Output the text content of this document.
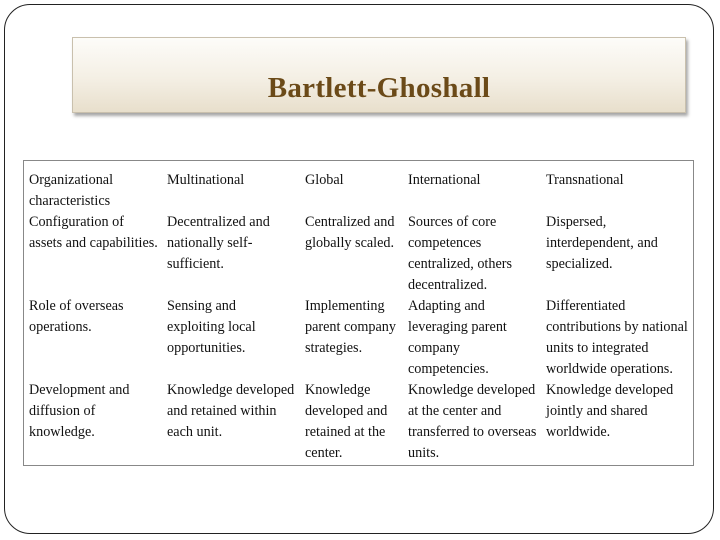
Bartlett-Ghoshall
Organizational characteristics	Multinational	Global	International	Transnational
Configuration of assets and capabilities.	Decentralized and nationally self-sufficient.	Centralized and globally scaled.	Sources of core competences centralized, others decentralized.	Dispersed, interdependent, and specialized.
Role of overseas operations.	Sensing and exploiting local opportunities.	Implementing parent company strategies.	Adapting and leveraging parent company competencies.	Differentiated contributions by national units to integrated worldwide operations.
Development and diffusion of knowledge.	Knowledge developed and retained within each unit.	Knowledge developed and retained at the center.	Knowledge developed at the center and transferred to overseas units.	Knowledge developed jointly and shared worldwide.
